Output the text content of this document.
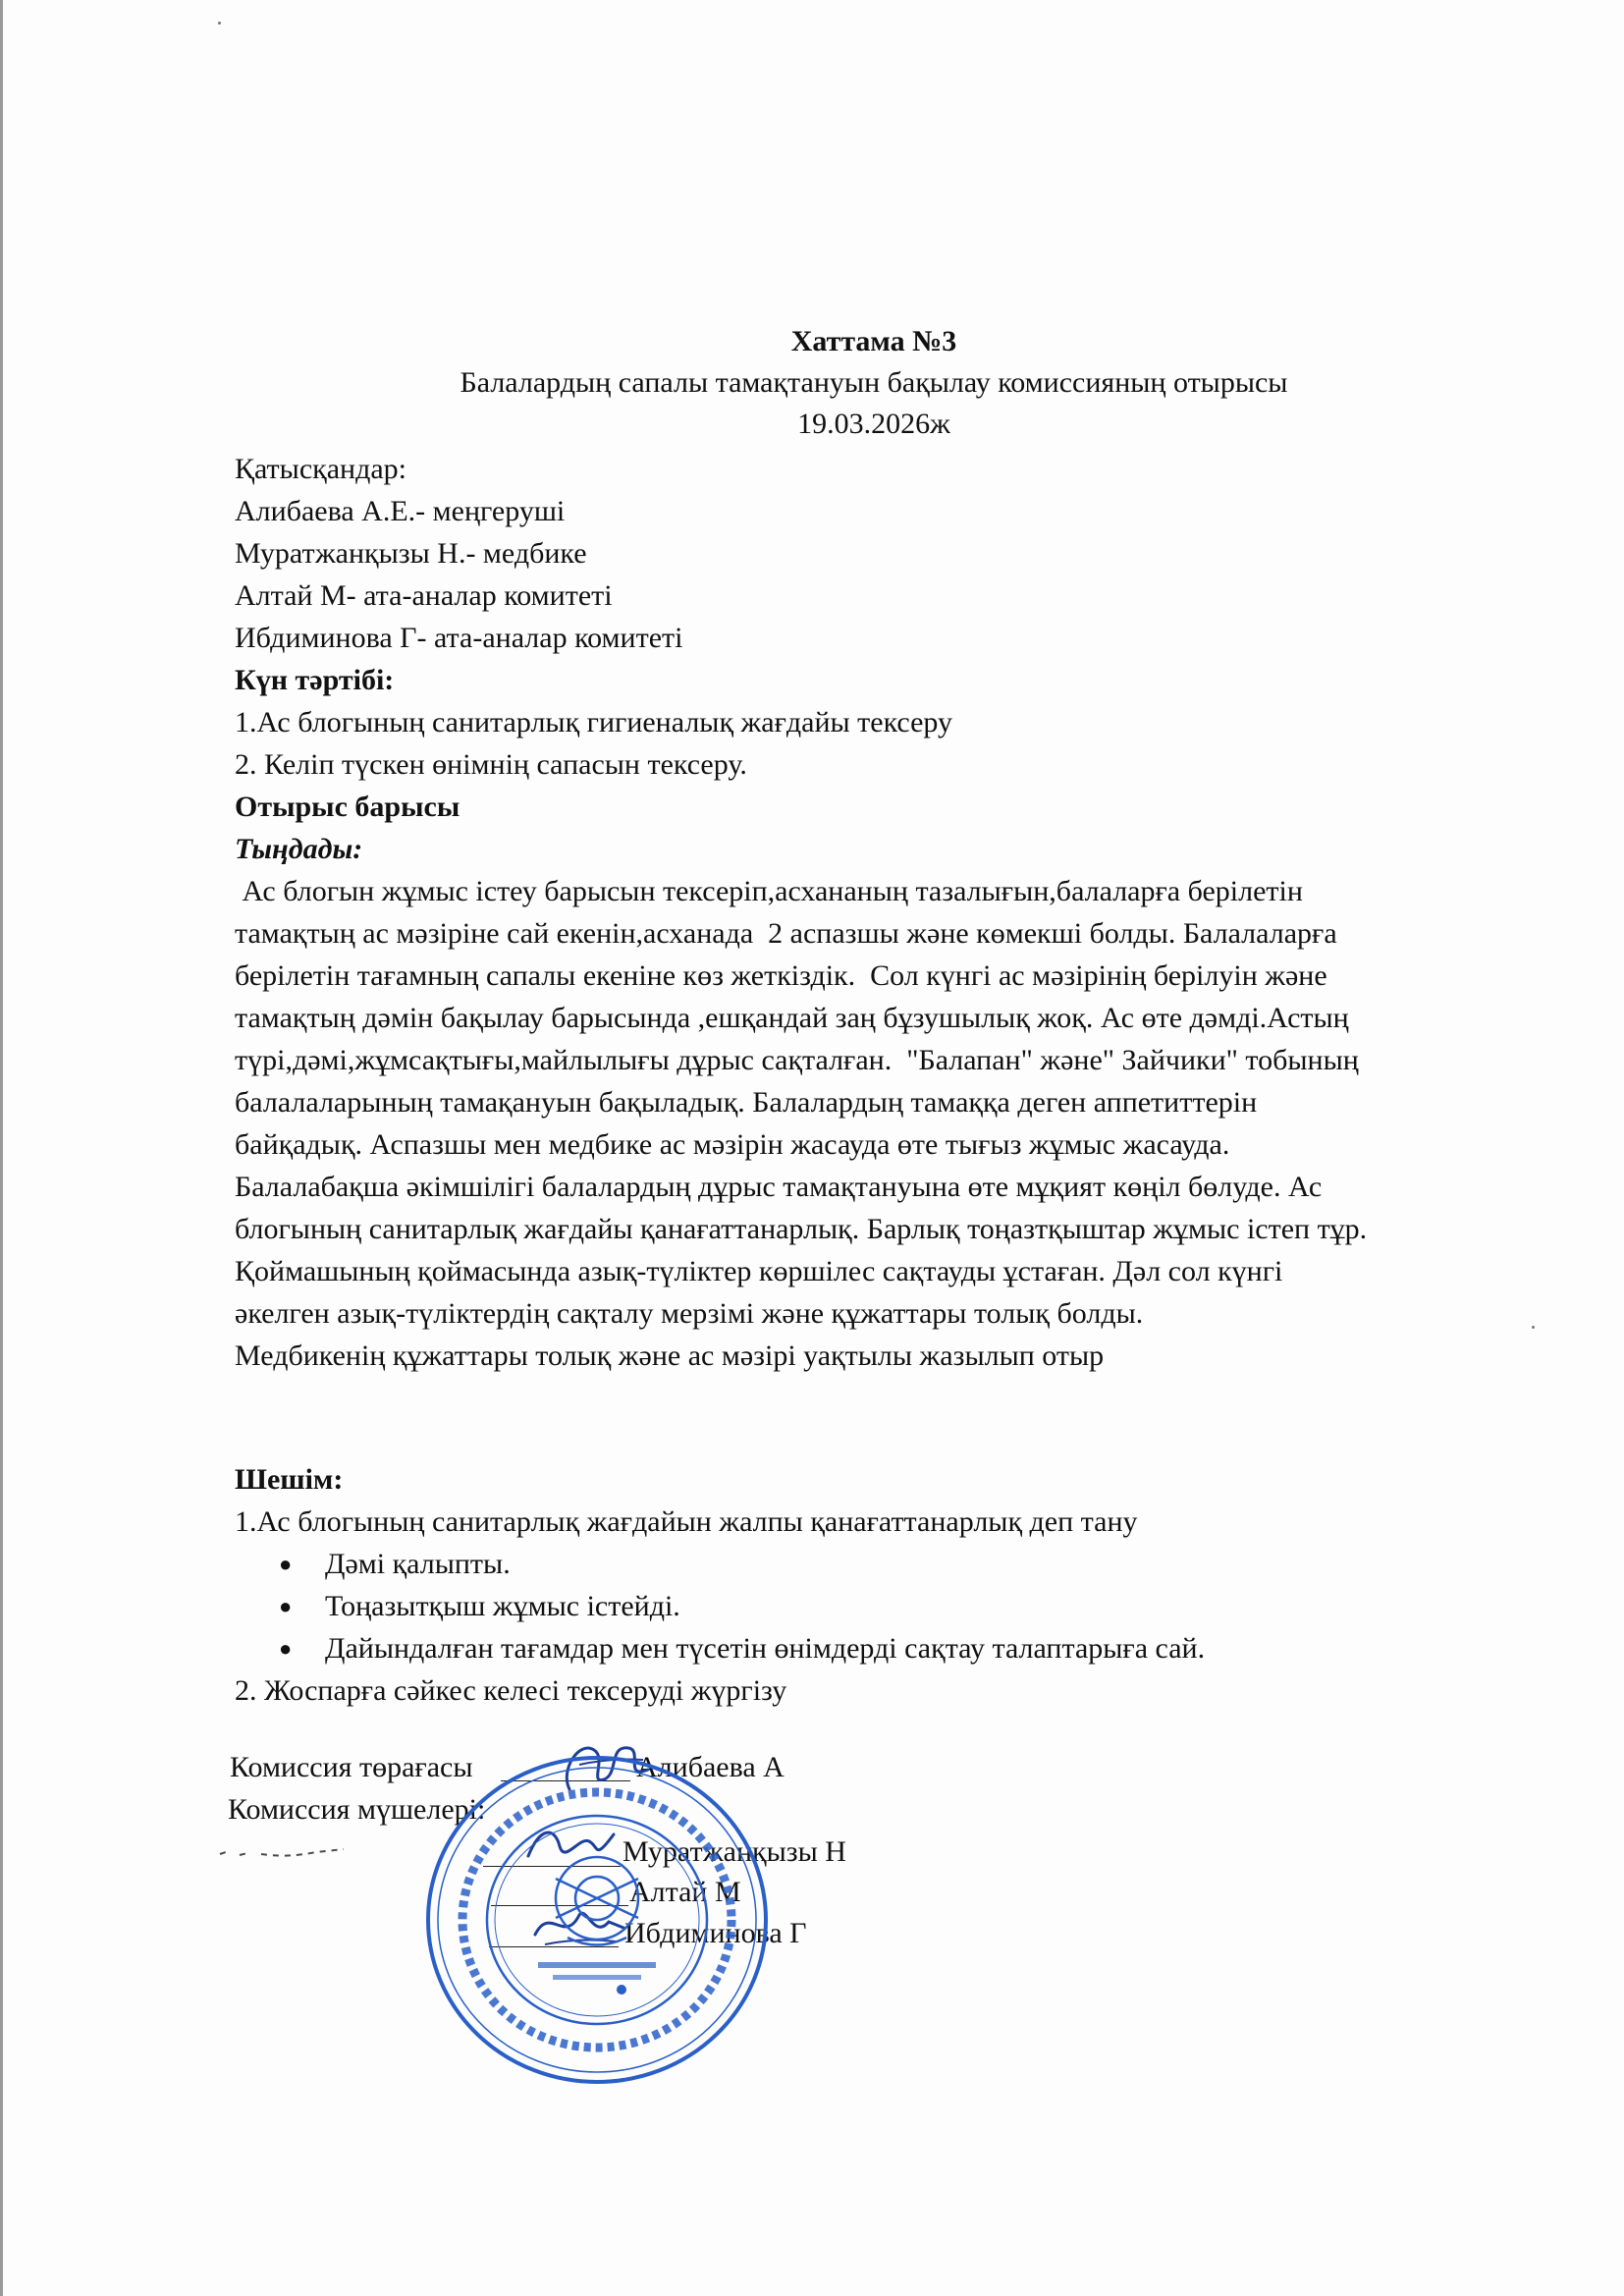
Хаттама №3
Балалардың сапалы тамақтануын бақылау комиссияның отырысы
19.03.2026ж
Қатысқандар:
Алибаева А.Е.- меңгеруші
Муратжанқызы Н.- медбике
Алтай М- ата-аналар комитеті
Ибдиминова Г- ата-аналар комитеті
Күн тәртібі:
1.Ас блогының санитарлық гигиеналық жағдайы тексеру
2. Келіп түскен өнімнің сапасын тексеру.
Отырыс барысы
Тыңдады:
Ас блогын жұмыс істеу барысын тексеріп,асхананың тазалығын,балаларға берілетін
тамақтың ас мәзіріне сай екенін,асханада  2 аспазшы және көмекші болды. Балалаларға
берілетін тағамның сапалы екеніне көз жеткіздік.  Сол күнгі ас мәзірінің берілуін және
тамақтың дәмін бақылау барысында ,ешқандай заң бұзушылық жоқ. Ас өте дәмді.Астың
түрі,дәмі,жұмсақтығы,майлылығы дұрыс сақталған.  "Балапан" және" Зайчики" тобының
балалаларының тамақануын бақыладық. Балалардың тамаққа деген аппетиттерін
байқадық. Аспазшы мен медбике ас мәзірін жасауда өте тығыз жұмыс жасауда.
Балалабақша әкімшілігі балалардың дұрыс тамақтануына өте мұқият көңіл бөлуде. Ас
блогының санитарлық жағдайы қанағаттанарлық. Барлық тоңазтқыштар жұмыс істеп тұр.
Қоймашының қоймасында азық-түліктер көршілес сақтауды ұстаған. Дәл сол күнгі
әкелген азық-түліктердің сақталу мерзімі және құжаттары толық болды.
Медбикенің құжаттары толық және ас мәзірі уақтылы жазылып отыр
Шешім:
1.Ас блогының санитарлық жағдайын жалпы қанағаттанарлық деп тану
● Дәмі қалыпты.
● Тоңазытқыш жұмыс істейді.
● Дайындалған тағамдар мен түсетін өнімдерді сақтау талаптарыға сай.
2. Жоспарға сәйкес келесі тексеруді жүргізу
Комиссия төрағасы	Алибаева А
Комиссия мүшелері:
Муратжанқызы Н
Алтай М
Ибдиминова Г
